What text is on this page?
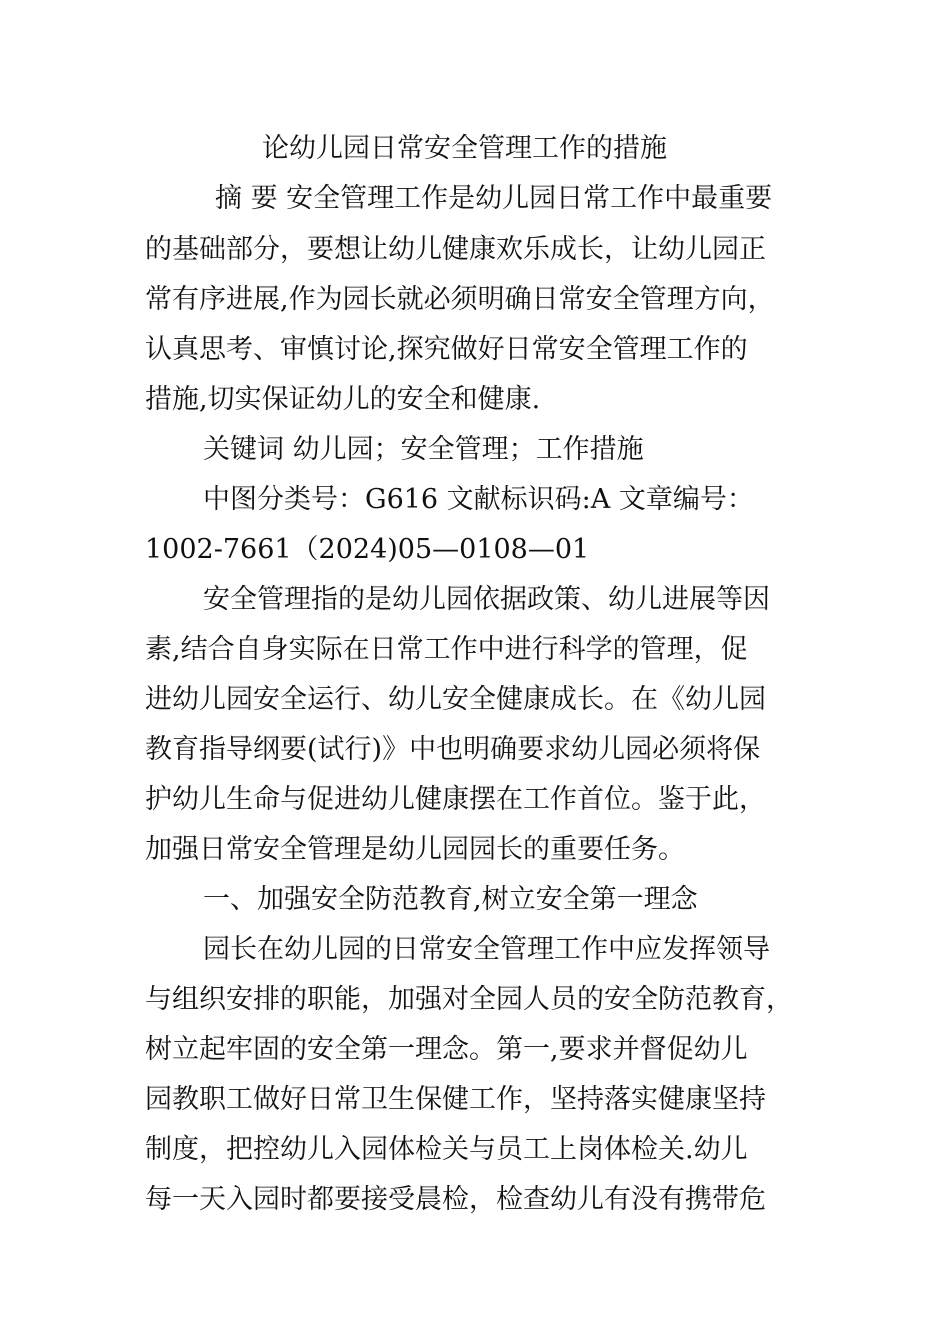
论幼儿园日常安全管理工作的措施
摘 要 安全管理工作是幼儿园日常工作中最重要
的基础部分，要想让幼儿健康欢乐成长，让幼儿园正
常有序进展,作为园长就必须明确日常安全管理方向，
认真思考、审慎讨论,探究做好日常安全管理工作的
措施,切实保证幼儿的安全和健康.
关键词 幼儿园；安全管理；工作措施
中图分类号：G616 文献标识码:A 文章编号：
1002-7661（2024)05—0108—01
安全管理指的是幼儿园依据政策、幼儿进展等因
素,结合自身实际在日常工作中进行科学的管理，促
进幼儿园安全运行、幼儿安全健康成长。在《幼儿园
教育指导纲要(试行)》中也明确要求幼儿园必须将保
护幼儿生命与促进幼儿健康摆在工作首位。鉴于此，
加强日常安全管理是幼儿园园长的重要任务。
一、加强安全防范教育,树立安全第一理念
园长在幼儿园的日常安全管理工作中应发挥领导
与组织安排的职能，加强对全园人员的安全防范教育，
树立起牢固的安全第一理念。第一,要求并督促幼儿
园教职工做好日常卫生保健工作，坚持落实健康坚持
制度，把控幼儿入园体检关与员工上岗体检关.幼儿
每一天入园时都要接受晨检，检查幼儿有没有携带危
